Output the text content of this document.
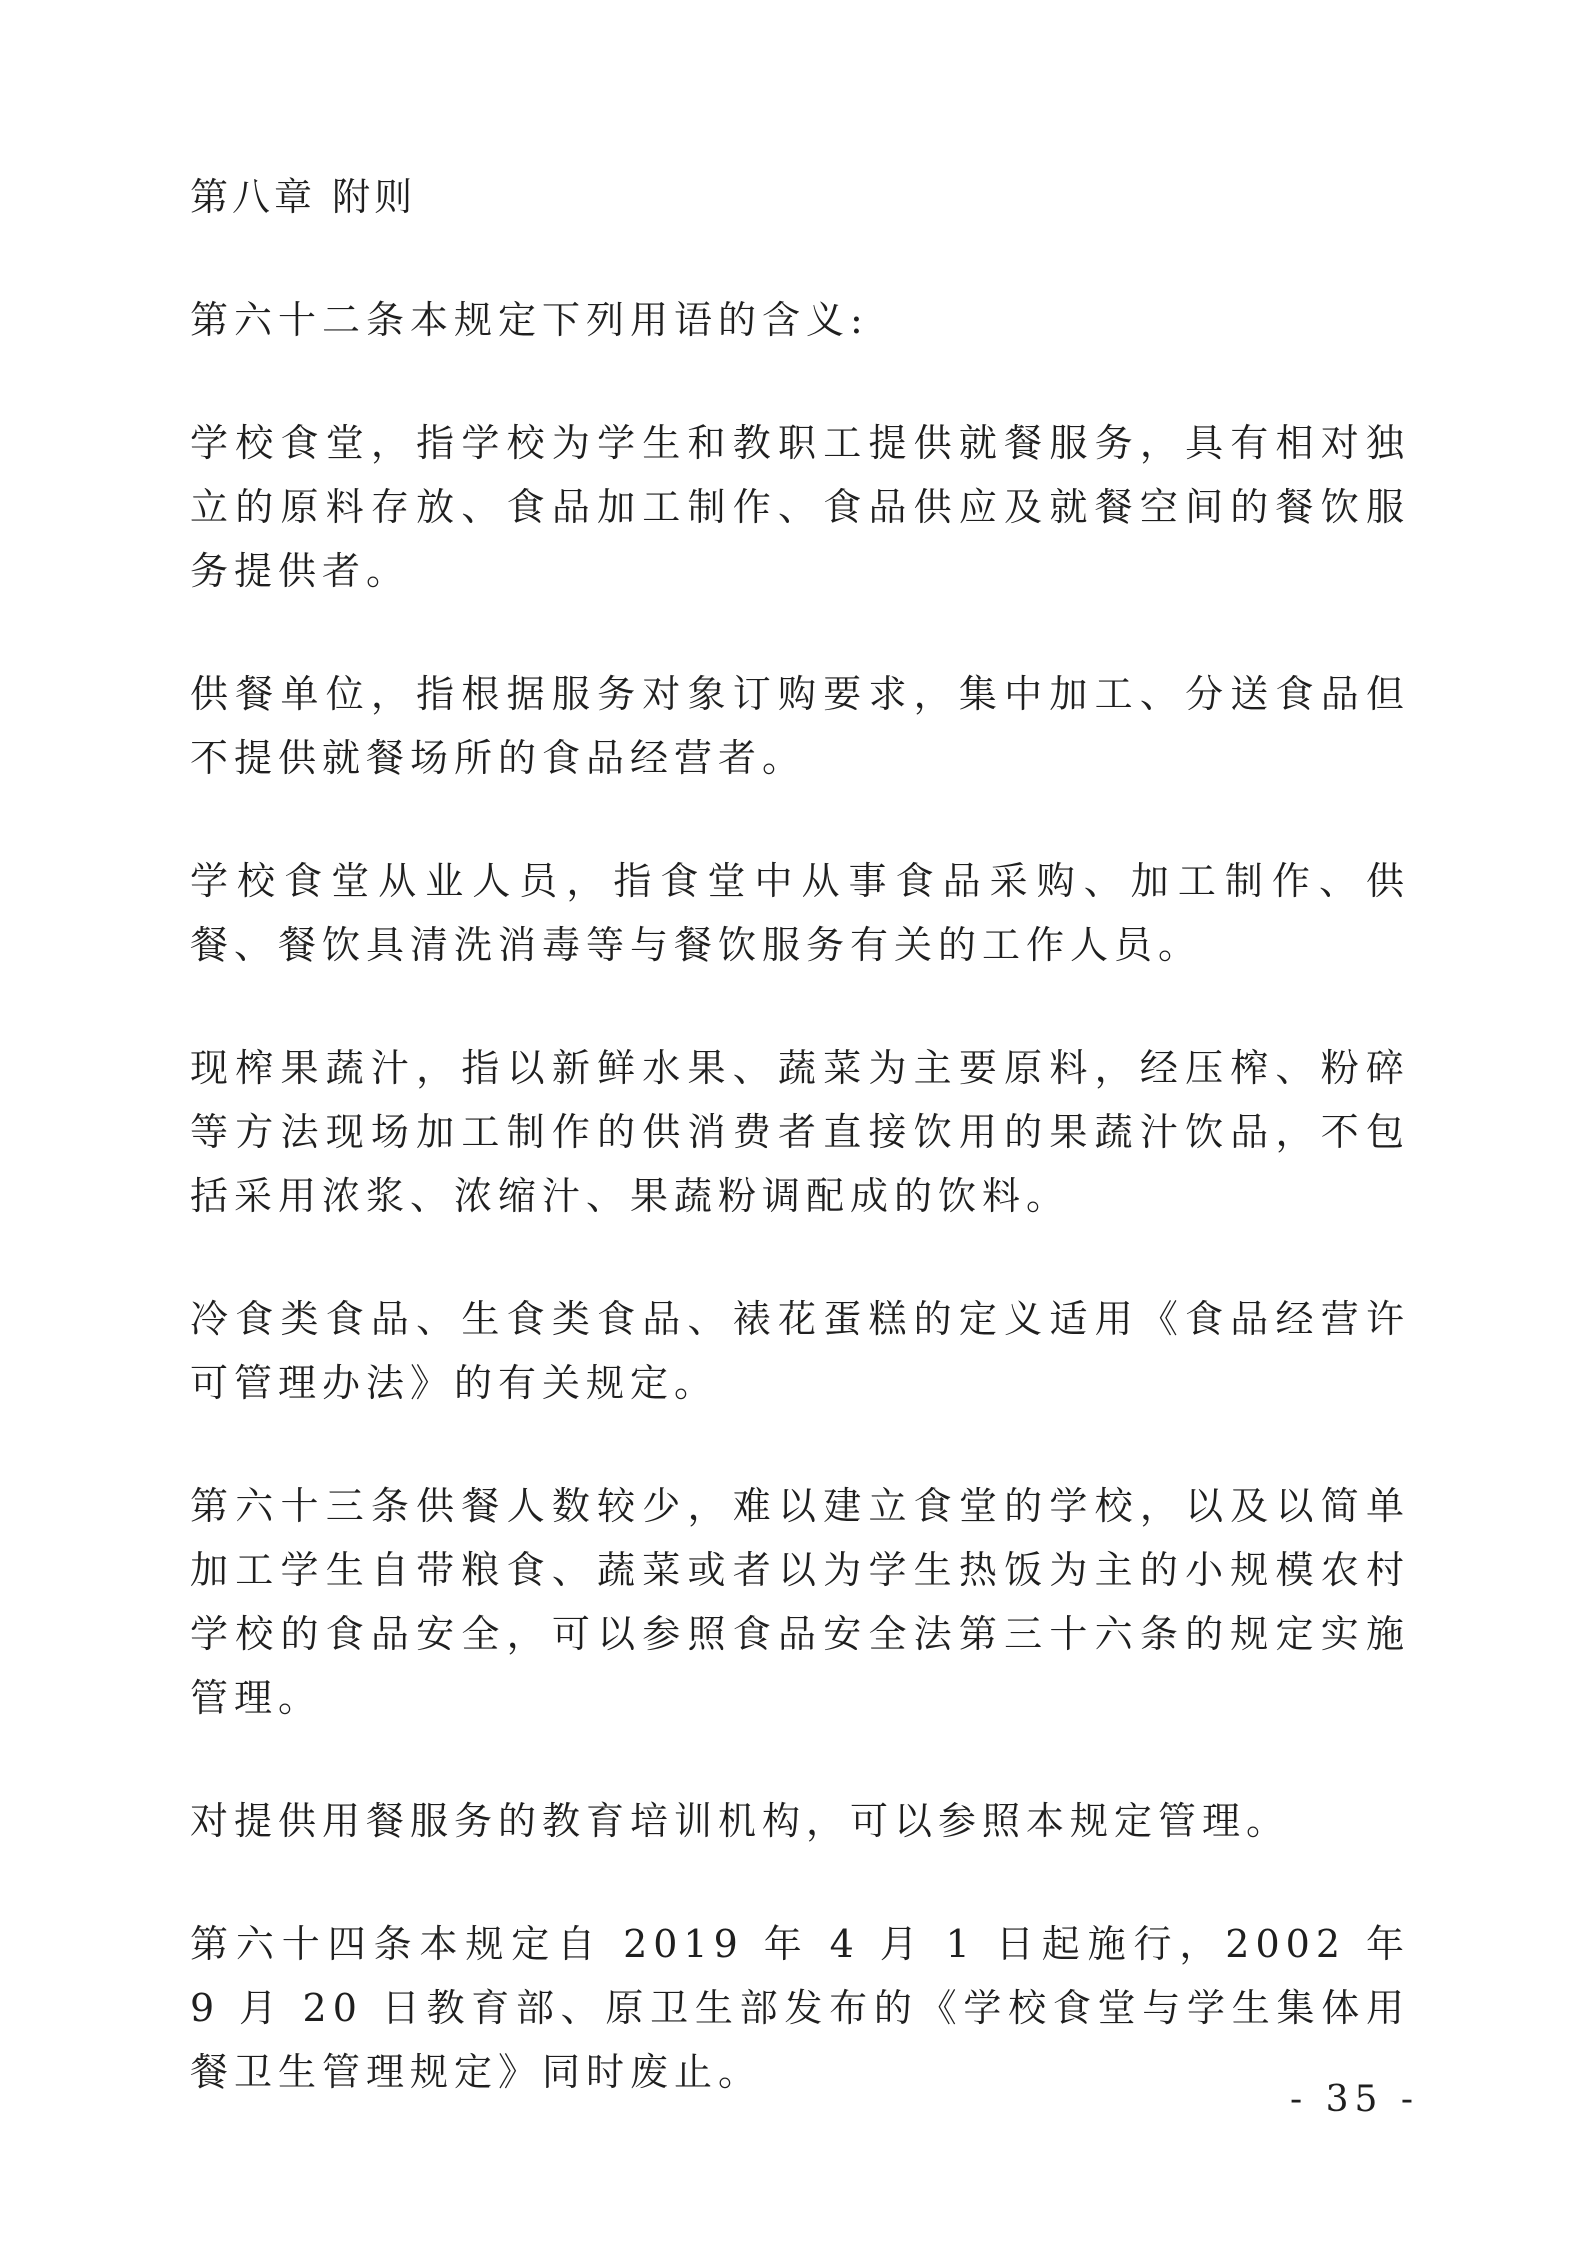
第八章 附则

第六十二条本规定下列用语的含义:

学校食堂，指学校为学生和教职工提供就餐服务，具有相对独立的原料存放、食品加工制作、食品供应及就餐空间的餐饮服务提供者。

供餐单位，指根据服务对象订购要求，集中加工、分送食品但不提供就餐场所的食品经营者。

学校食堂从业人员，指食堂中从事食品采购、加工制作、供餐、餐饮具清洗消毒等与餐饮服务有关的工作人员。

现榨果蔬汁，指以新鲜水果、蔬菜为主要原料，经压榨、粉碎等方法现场加工制作的供消费者直接饮用的果蔬汁饮品，不包括采用浓浆、浓缩汁、果蔬粉调配成的饮料。

冷食类食品、生食类食品、裱花蛋糕的定义适用《食品经营许可管理办法》的有关规定。

第六十三条供餐人数较少，难以建立食堂的学校，以及以简单加工学生自带粮食、蔬菜或者以为学生热饭为主的小规模农村学校的食品安全，可以参照食品安全法第三十六条的规定实施管理。

对提供用餐服务的教育培训机构，可以参照本规定管理。

第六十四条本规定自 2019 年 4 月 1 日起施行，2002 年 9 月 20 日教育部、原卫生部发布的《学校食堂与学生集体用餐卫生管理规定》同时废止。

- 35 -
